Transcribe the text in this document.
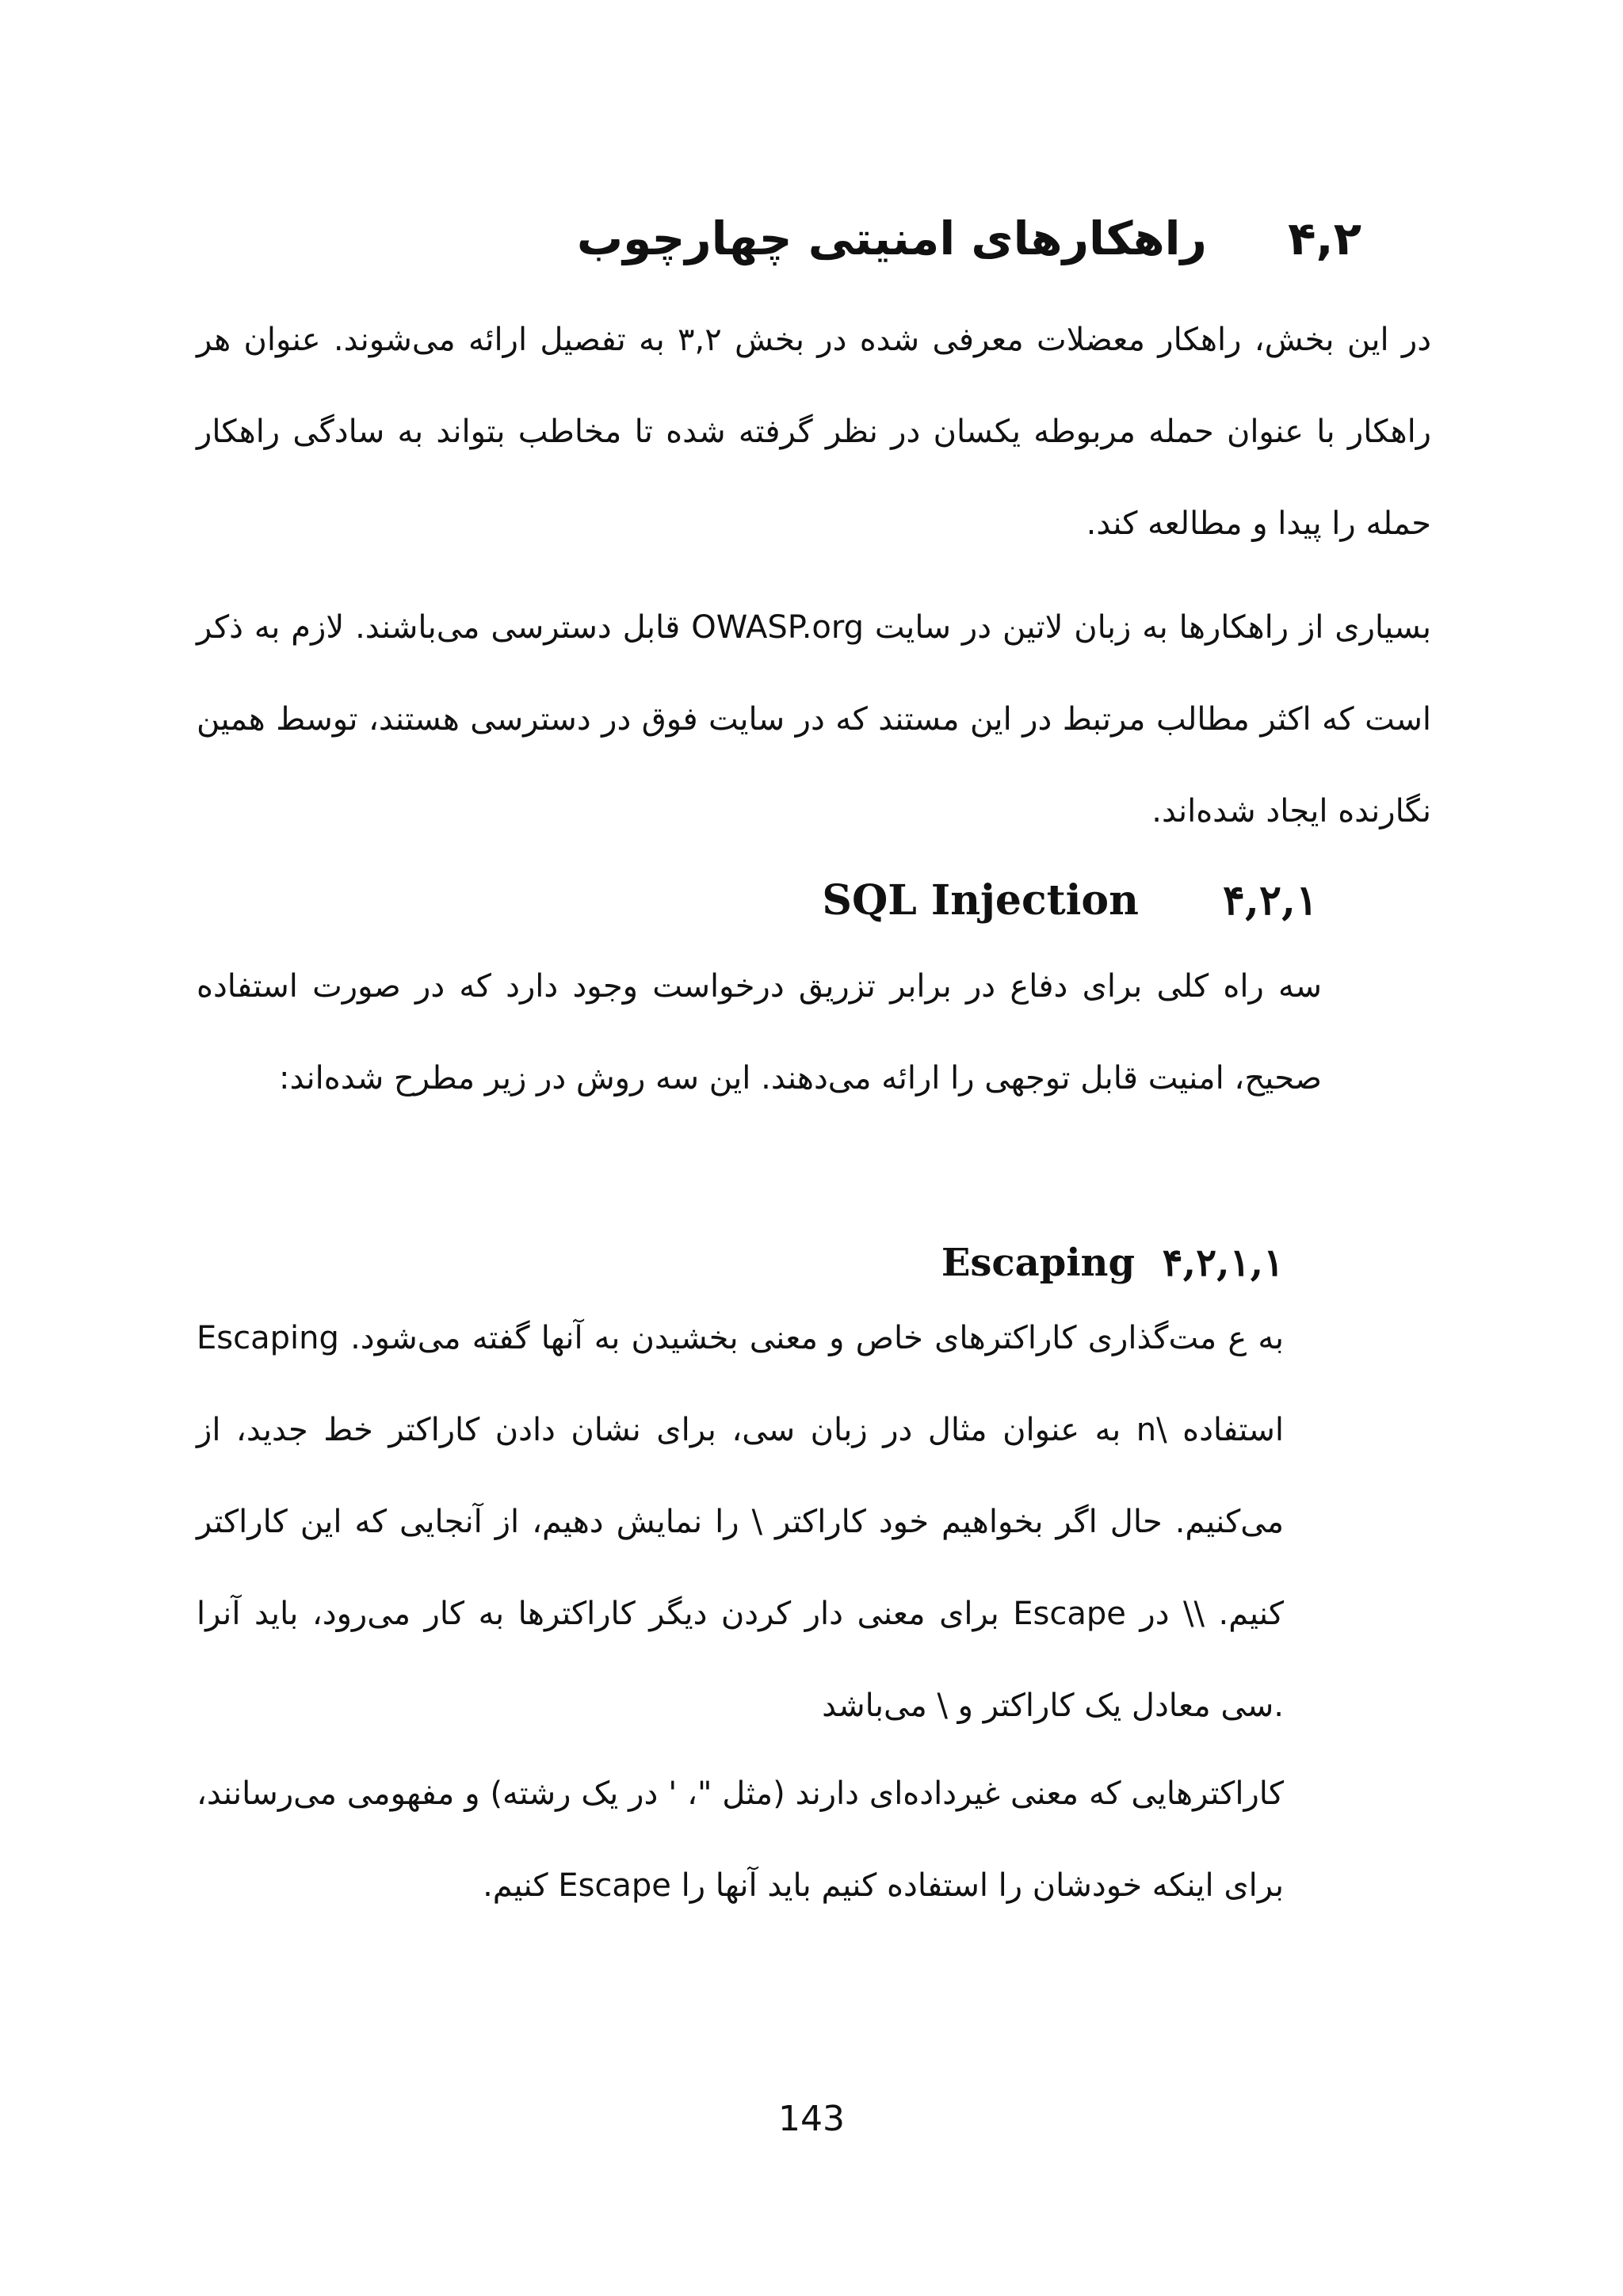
۴,۲ راهکارهای امنیتی چهارچوب

در این بخش، راهکار معضلات معرفی شده در بخش ۳,۲ به تفصیل ارائه می‌شوند. عنوان هر راهکار با عنوان حمله مربوطه یکسان در نظر گرفته شده تا مخاطب بتواند به سادگی راهکار حمله را پیدا و مطالعه کند.

بسیاری از راهکارها به زبان لاتین در سایت OWASP.org قابل دسترسی می‌باشند. لازم به ذکر است که اکثر مطالب مرتبط در این مستند که در سایت فوق در دسترسی هستند، توسط همین نگارنده ایجاد شده‌اند.

۴,۲,۱ SQL Injection

سه راه کلی برای دفاع در برابر تزریق درخواست وجود دارد که در صورت استفاده صحیح، امنیت قابل توجهی را ارائه می‌دهند. این سه روش در زیر مطرح شده‌اند:

۴,۲,۱,۱ Escaping

Escaping به ع مت‌گذاری کاراکترهای خاص و معنی بخشیدن به آنها گفته می‌شود. به عنوان مثال در زبان سی، برای نشان دادن کاراکتر خط جدید، از n\ استفاده می‌کنیم. حال اگر بخواهیم خود کاراکتر \ را نمایش دهیم، از آنجایی که این کاراکتر برای معنی دار کردن دیگر کاراکترها به کار می‌رود، باید آنرا Escape کنیم. \\ در سی معادل یک کاراکتر و \ می‌باشد.

کاراکترهایی که معنی غیرداده‌ای دارند (مثل "، ' در یک رشته) و مفهومی می‌رسانند، برای اینکه خودشان را استفاده کنیم باید آنها را Escape کنیم.

143
